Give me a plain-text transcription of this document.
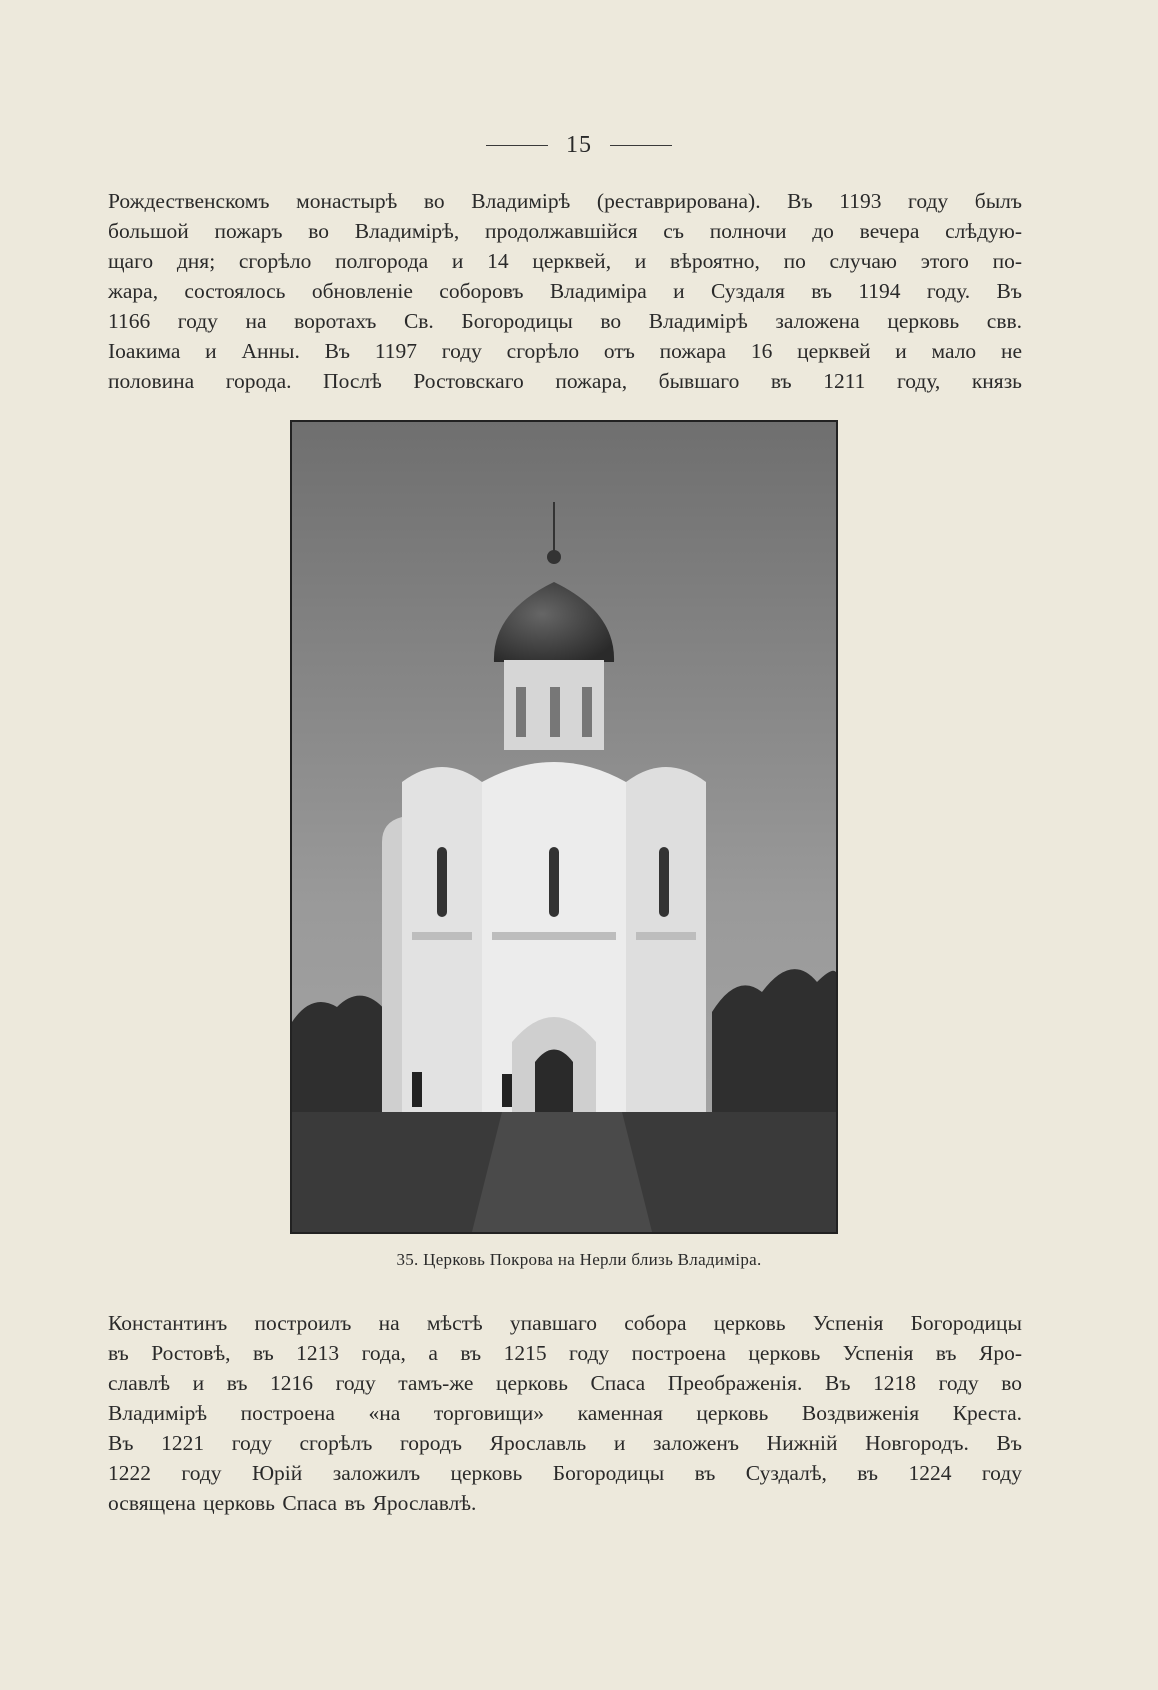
15
Рождественскомъ монастырѣ во Владимірѣ (реставрирована). Въ 1193 году былъ
большой пожаръ во Владимірѣ, продолжавшійся съ полночи до вечера слѣдую-
щаго дня; сгорѣло полгорода и 14 церквей, и вѣроятно, по случаю этого по-
жара, состоялось обновленіе соборовъ Владиміра и Суздаля въ 1194 году. Въ
1166 году на воротахъ Св. Богородицы во Владимірѣ заложена церковь свв.
Іоакима и Анны. Въ 1197 году сгорѣло отъ пожара 16 церквей и мало не
половина города. Послѣ Ростовскаго пожара, бывшаго въ 1211 году, князь
35. Церковь Покрова на Нерли близь Владиміра.
Константинъ построилъ на мѣстѣ упавшаго собора церковь Успенія Богородицы
въ Ростовѣ, въ 1213 года, а въ 1215 году построена церковь Успенія въ Яро-
славлѣ и въ 1216 году тамъ-же церковь Спаса Преображенія. Въ 1218 году во
Владимірѣ построена «на торговищи» каменная церковь Воздвиженія Креста.
Въ 1221 году сгорѣлъ городъ Ярославль и заложенъ Нижній Новгородъ. Въ
1222 году Юрій заложилъ церковь Богородицы въ Суздалѣ, въ 1224 году
освящена церковь Спаса въ Ярославлѣ.
